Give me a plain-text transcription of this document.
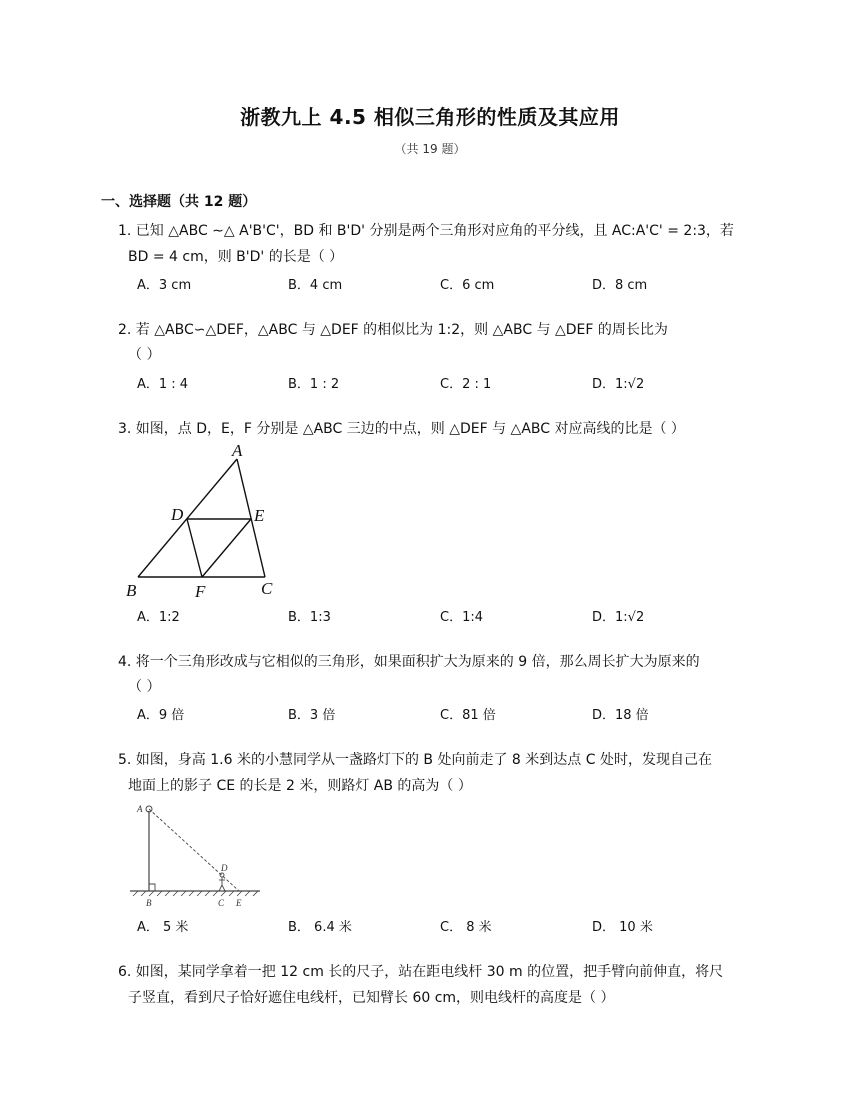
浙教九上 4.5 相似三角形的性质及其应用
（共 19 题）
一、选择题（共 12 题）
1. 已知 △ABC ∼△ A'B'C'，BD 和 B'D' 分别是两个三角形对应角的平分线，且 AC:A'C' = 2:3，若
BD = 4 cm，则 B'D' 的长是（ ）
A．3 cm	B．4 cm	C．6 cm	D．8 cm
2. 若 △ABC∽△DEF，△ABC 与 △DEF 的相似比为 1:2，则 △ABC 与 △DEF 的周长比为
（ ）
A．1 : 4	B．1 : 2	C．2 : 1	D．1:√2
3. 如图，点 D，E，F 分别是 △ABC 三边的中点，则 △DEF 与 △ABC 对应高线的比是（ ）
A
D	E
B	F	C
A．1:2	B．1:3	C．1:4	D．1:√2
4. 将一个三角形改成与它相似的三角形，如果面积扩大为原来的 9 倍，那么周长扩大为原来的
（ ）
A．9 倍	B．3 倍	C．81 倍	D．18 倍
5. 如图，身高 1.6 米的小慧同学从一盏路灯下的 B 处向前走了 8 米到达点 C 处时，发现自己在
地面上的影子 CE 的长是 2 米，则路灯 AB 的高为（ ）
A
D
B	C E
A． 5 米	B． 6.4 米	C． 8 米	D． 10 米
6. 如图，某同学拿着一把 12 cm 长的尺子，站在距电线杆 30 m 的位置，把手臂向前伸直，将尺
子竖直，看到尺子恰好遮住电线杆，已知臂长 60 cm，则电线杆的高度是（ ）
